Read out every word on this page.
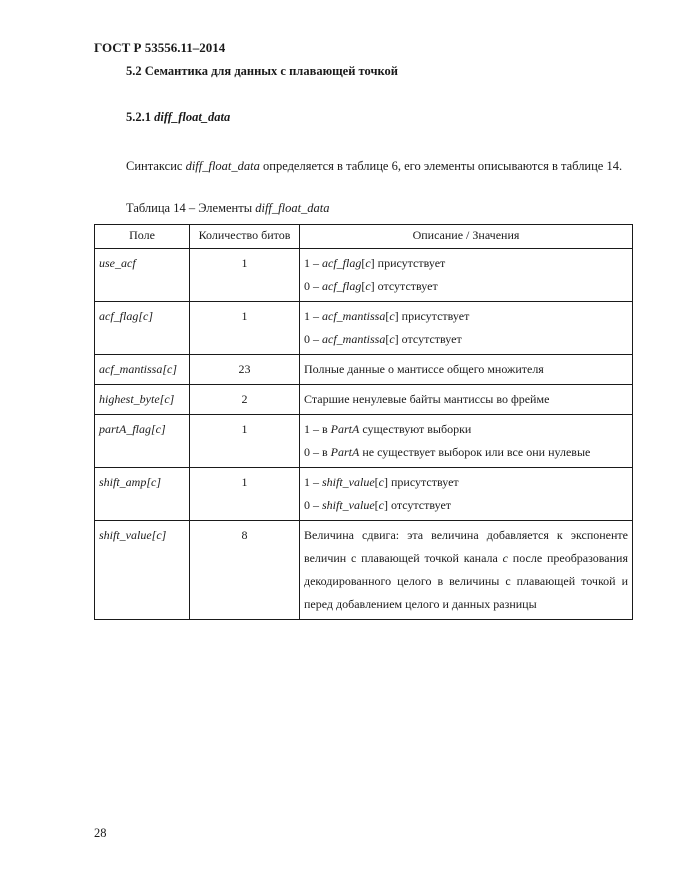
ГОСТ Р 53556.11–2014
5.2 Семантика для данных с плавающей точкой
5.2.1 diff_float_data
Синтаксис diff_float_data определяется в таблице 6, его элементы описываются в таблице 14.
Таблица 14 – Элементы diff_float_data
Поле	Количество битов	Описание / Значения
use_acf	1	1 – acf_flag[c] присутствует
0 – acf_flag[c] отсутствует

acf_flag[c]	1	1 – acf_mantissa[c] присутствует
0 – acf_mantissa[c] отсутствует

acf_mantissa[c]	23	Полные данные о мантиссе общего множителя
highest_byte[c]	2	Старшие ненулевые байты мантиссы во фрейме
partA_flag[c]	1	1 – в PartA существуют выборки
0 – в PartA не существует выборок или все они нулевые

shift_amp[c]	1	1 – shift_value[c] присутствует
0 – shift_value[c] отсутствует

shift_value[c]	8	Величина сдвига: эта величина добавляется к экспоненте величин с плавающей точкой канала c после преобразования декодированного целого в величины с плавающей точкой и перед добавлением целого и данных разницы
28
